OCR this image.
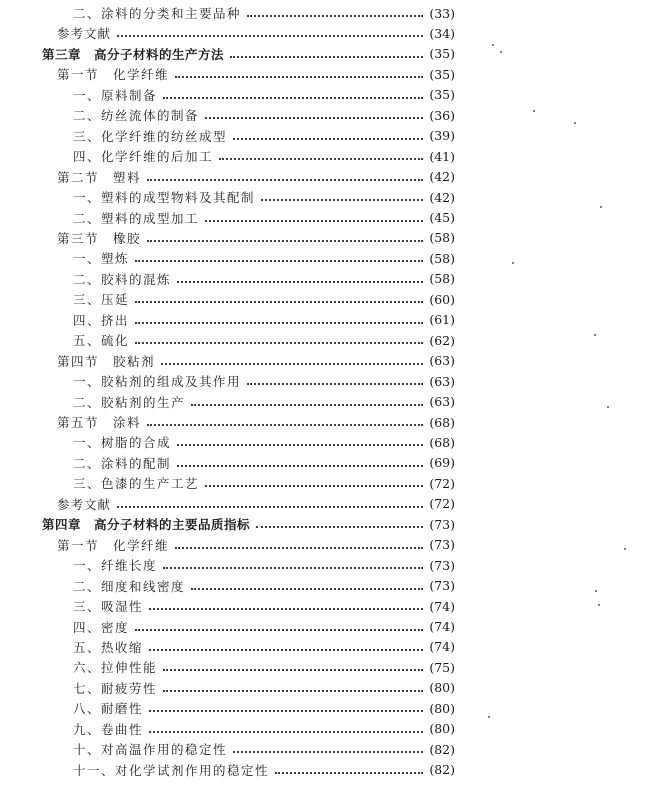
二、涂料的分类和主要品种	(33)
参考文献	(34)
第三章　高分子材料的生产方法	(35)
第一节　化学纤维	(35)
一、原料制备	(35)
二、纺丝流体的制备	(36)
三、化学纤维的纺丝成型	(39)
四、化学纤维的后加工	(41)
第二节　塑料	(42)
一、塑料的成型物料及其配制	(42)
二、塑料的成型加工	(45)
第三节　橡胶	(58)
一、塑炼	(58)
二、胶料的混炼	(58)
三、压延	(60)
四、挤出	(61)
五、硫化	(62)
第四节　胶粘剂	(63)
一、胶粘剂的组成及其作用	(63)
二、胶粘剂的生产	(63)
第五节　涂料	(68)
一、树脂的合成	(68)
二、涂料的配制	(69)
三、色漆的生产工艺	(72)
参考文献	(72)
第四章　高分子材料的主要品质指标	(73)
第一节　化学纤维	(73)
一、纤维长度	(73)
二、细度和线密度	(73)
三、吸湿性	(74)
四、密度	(74)
五、热收缩	(74)
六、拉伸性能	(75)
七、耐疲劳性	(80)
八、耐磨性	(80)
九、卷曲性	(80)
十、对高温作用的稳定性	(82)
十一、对化学试剂作用的稳定性	(82)
